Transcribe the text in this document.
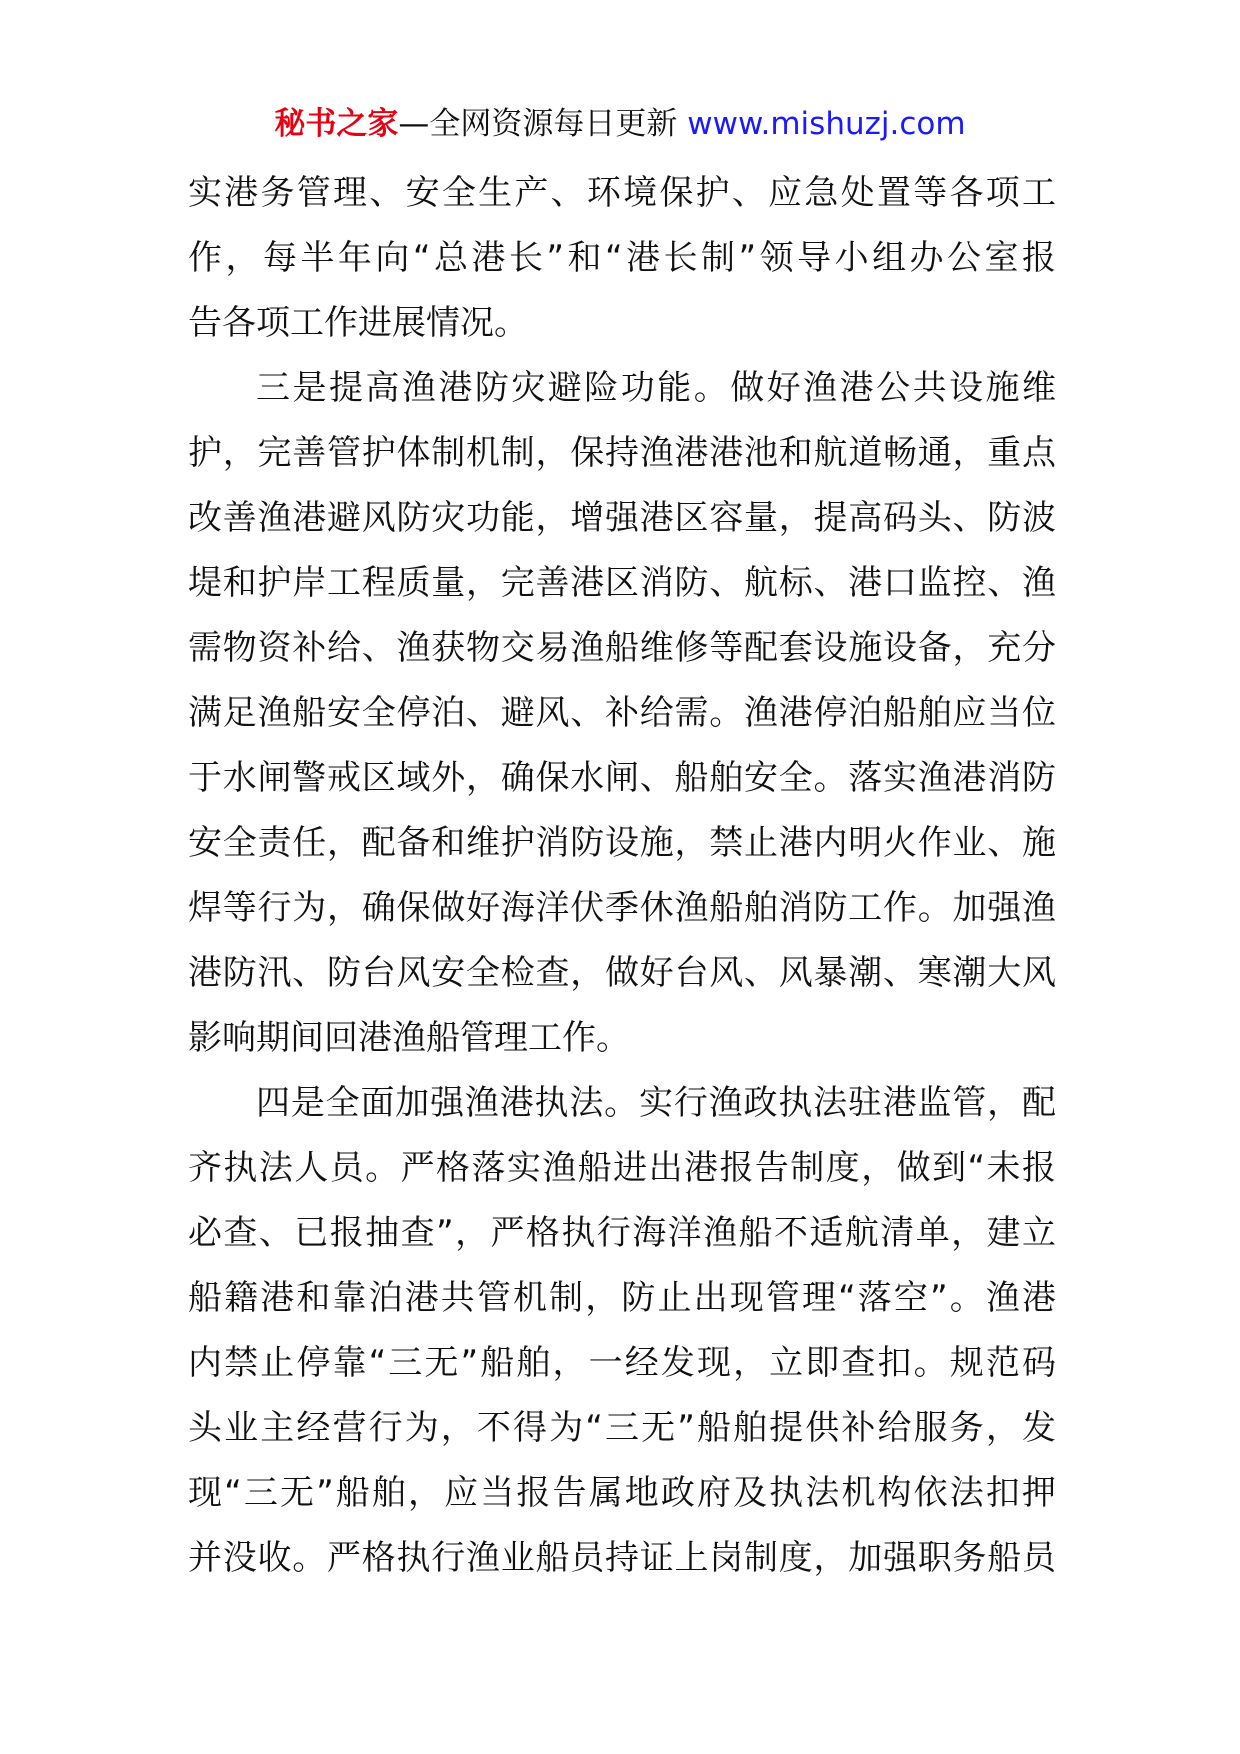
秘书之家—全网资源每日更新 www.mishuzj.com
实港务管理、安全生产、环境保护、应急处置等各项工
作，每半年向“总港长”和“港长制”领导小组办公室报
告各项工作进展情况。
三是提高渔港防灾避险功能。做好渔港公共设施维
护，完善管护体制机制，保持渔港港池和航道畅通，重点
改善渔港避风防灾功能，增强港区容量，提高码头、防波
堤和护岸工程质量，完善港区消防、航标、港口监控、渔
需物资补给、渔获物交易渔船维修等配套设施设备，充分
满足渔船安全停泊、避风、补给需。渔港停泊船舶应当位
于水闸警戒区域外，确保水闸、船舶安全。落实渔港消防
安全责任，配备和维护消防设施，禁止港内明火作业、施
焊等行为，确保做好海洋伏季休渔船舶消防工作。加强渔
港防汛、防台风安全检查，做好台风、风暴潮、寒潮大风
影响期间回港渔船管理工作。
四是全面加强渔港执法。实行渔政执法驻港监管，配
齐执法人员。严格落实渔船进出港报告制度，做到“未报
必查、已报抽查”，严格执行海洋渔船不适航清单，建立
船籍港和靠泊港共管机制，防止出现管理“落空”。渔港
内禁止停靠“三无”船舶，一经发现，立即查扣。规范码
头业主经营行为，不得为“三无”船舶提供补给服务，发
现“三无”船舶，应当报告属地政府及执法机构依法扣押
并没收。严格执行渔业船员持证上岗制度，加强职务船员
